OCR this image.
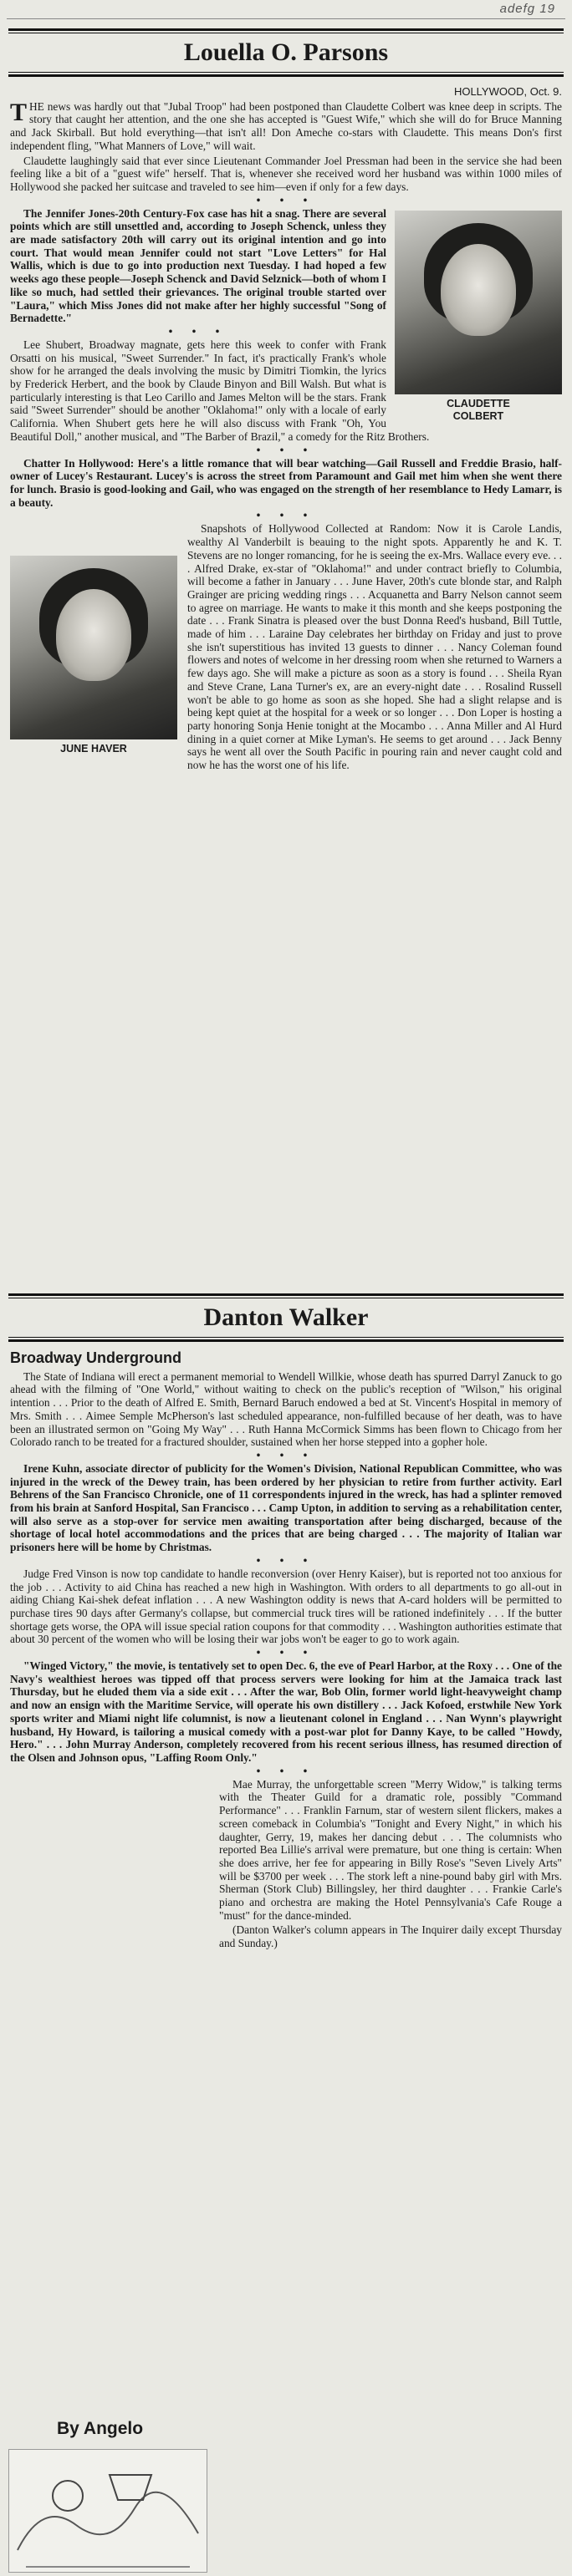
adefg 19
Louella O. Parsons
HOLLYWOOD, Oct. 9.

THE news was hardly out that "Jubal Troop" had been postponed than Claudette Colbert was knee deep in scripts. The story that caught her attention, and the one she has accepted is "Guest Wife," which she will do for Bruce Manning and Jack Skirball. But hold everything—that isn't all! Don Ameche co-stars with Claudette. This means Don's first independent fling, "What Manners of Love," will wait.

Claudette laughingly said that ever since Lieutenant Commander Joel Pressman had been in the service she had been feeling like a bit of a "guest wife" herself. That is, whenever she received word her husband was within 1000 miles of Hollywood she packed her suitcase and traveled to see him—even if only for a few days.

• • •
CLAUDETTE
COLBERT

The Jennifer Jones-20th Century-Fox case has hit a snag. There are several points which are still unsettled and, according to Joseph Schenck, unless they are made satisfactory 20th will carry out its original intention and go into court. That would mean Jennifer could not start "Love Letters" for Hal Wallis, which is due to go into production next Tuesday. I had hoped a few weeks ago these people—Joseph Schenck and David Selznick—both of whom I like so much, had settled their grievances. The original trouble started over "Laura," which Miss Jones did not make after her highly successful "Song of Bernadette."

• • •

Lee Shubert, Broadway magnate, gets here this week to confer with Frank Orsatti on his musical, "Sweet Surrender." In fact, it's practically Frank's whole show for he arranged the deals involving the music by Dimitri Tiomkin, the lyrics by Frederick Herbert, and the book by Claude Binyon and Bill Walsh. But what is particularly interesting is that Leo Carillo and James Melton will be the stars. Frank said "Sweet Surrender" should be another "Oklahoma!" only with a locale of early California. When Shubert gets here he will also discuss with Frank "Oh, You Beautiful Doll," another musical, and "The Barber of Brazil," a comedy for the Ritz Brothers.

• • •

Chatter In Hollywood: Here's a little romance that will bear watching—Gail Russell and Freddie Brasio, half-owner of Lucey's Restaurant. Lucey's is across the street from Paramount and Gail met him when she went there for lunch. Brasio is good-looking and Gail, who was engaged on the strength of her resemblance to Hedy Lamarr, is a beauty.

• • •
JUNE HAVER

Snapshots of Hollywood Collected at Random: Now it is Carole Landis, wealthy Al Vanderbilt is beauing to the night spots. Apparently he and K. T. Stevens are no longer romancing, for he is seeing the ex-Mrs. Wallace every eve. . . . Alfred Drake, ex-star of "Oklahoma!" and under contract briefly to Columbia, will become a father in January . . . June Haver, 20th's cute blonde star, and Ralph Grainger are pricing wedding rings . . . Acquanetta and Barry Nelson cannot seem to agree on marriage. He wants to make it this month and she keeps postponing the date . . . Frank Sinatra is pleased over the bust Donna Reed's husband, Bill Tuttle, made of him . . . Laraine Day celebrates her birthday on Friday and just to prove she isn't superstitious has invited 13 guests to dinner . . . Nancy Coleman found flowers and notes of welcome in her dressing room when she returned to Warners a few days ago. She will make a picture as soon as a story is found . . . Sheila Ryan and Steve Crane, Lana Turner's ex, are an every-night date . . . Rosalind Russell won't be able to go home as soon as she hoped. She had a slight relapse and is being kept quiet at the hospital for a week or so longer . . . Don Loper is hosting a party honoring Sonja Henie tonight at the Mocambo . . . Anna Miller and Al Hurd dining in a quiet corner at Mike Lyman's. He seems to get around . . . Jack Benny says he went all over the South Pacific in pouring rain and never caught cold and now he has the worst one of his life.

Danton Walker
Broadway Underground

The State of Indiana will erect a permanent memorial to Wendell Willkie, whose death has spurred Darryl Zanuck to go ahead with the filming of "One World," without waiting to check on the public's reception of "Wilson," his original intention . . . Prior to the death of Alfred E. Smith, Bernard Baruch endowed a bed at St. Vincent's Hospital in memory of Mrs. Smith . . . Aimee Semple McPherson's last scheduled appearance, non-fulfilled because of her death, was to have been an illustrated sermon on "Going My Way" . . . Ruth Hanna McCormick Simms has been flown to Chicago from her Colorado ranch to be treated for a fractured shoulder, sustained when her horse stepped into a gopher hole.

• • •

Irene Kuhn, associate director of publicity for the Women's Division, National Republican Committee, who was injured in the wreck of the Dewey train, has been ordered by her physician to retire from further activity. Earl Behrens of the San Francisco Chronicle, one of 11 correspondents injured in the wreck, has had a splinter removed from his brain at Sanford Hospital, San Francisco . . . Camp Upton, in addition to serving as a rehabilitation center, will also serve as a stop-over for service men awaiting transportation after being discharged, because of the shortage of local hotel accommodations and the prices that are being charged . . . The majority of Italian war prisoners here will be home by Christmas.

• • •

Judge Fred Vinson is now top candidate to handle reconversion (over Henry Kaiser), but is reported not too anxious for the job . . . Activity to aid China has reached a new high in Washington. With orders to all departments to go all-out in aiding Chiang Kai-shek defeat inflation . . . A new Washington oddity is news that A-card holders will be permitted to purchase tires 90 days after Germany's collapse, but commercial truck tires will be rationed indefinitely . . . If the butter shortage gets worse, the OPA will issue special ration coupons for that commodity . . . Washington authorities estimate that about 30 percent of the women who will be losing their war jobs won't be eager to go to work again.

• • •

"Winged Victory," the movie, is tentatively set to open Dec. 6, the eve of Pearl Harbor, at the Roxy . . . One of the Navy's wealthiest heroes was tipped off that process servers were looking for him at the Jamaica track last Thursday, but he eluded them via a side exit . . . After the war, Bob Olin, former world light-heavyweight champ and now an ensign with the Maritime Service, will operate his own distillery . . . Jack Kofoed, erstwhile New York sports writer and Miami night life columnist, is now a lieutenant colonel in England . . . Nan Wynn's playwright husband, Hy Howard, is tailoring a musical comedy with a post-war plot for Danny Kaye, to be called "Howdy, Hero." . . . John Murray Anderson, completely recovered from his recent serious illness, has resumed direction of the Olsen and Johnson opus, "Laffing Room Only."

• • •

Mae Murray, the unforgettable screen "Merry Widow," is talking terms with the Theater Guild for a dramatic role, possibly "Command Performance" . . . Franklin Farnum, star of western silent flickers, makes a screen comeback in Columbia's "Tonight and Every Night," in which his daughter, Gerry, 19, makes her dancing debut . . . The columnists who reported Bea Lillie's arrival were premature, but one thing is certain: When she does arrive, her fee for appearing in Billy Rose's "Seven Lively Arts" will be $3700 per week . . . The stork left a nine-pound baby girl with Mrs. Sherman (Stork Club) Billingsley, her third daughter . . . Frankie Carle's piano and orchestra are making the Hotel Pennsylvania's Cafe Rouge a "must" for the dance-minded.

(Danton Walker's column appears in The Inquirer daily except Thursday and Sunday.)

By Angelo
